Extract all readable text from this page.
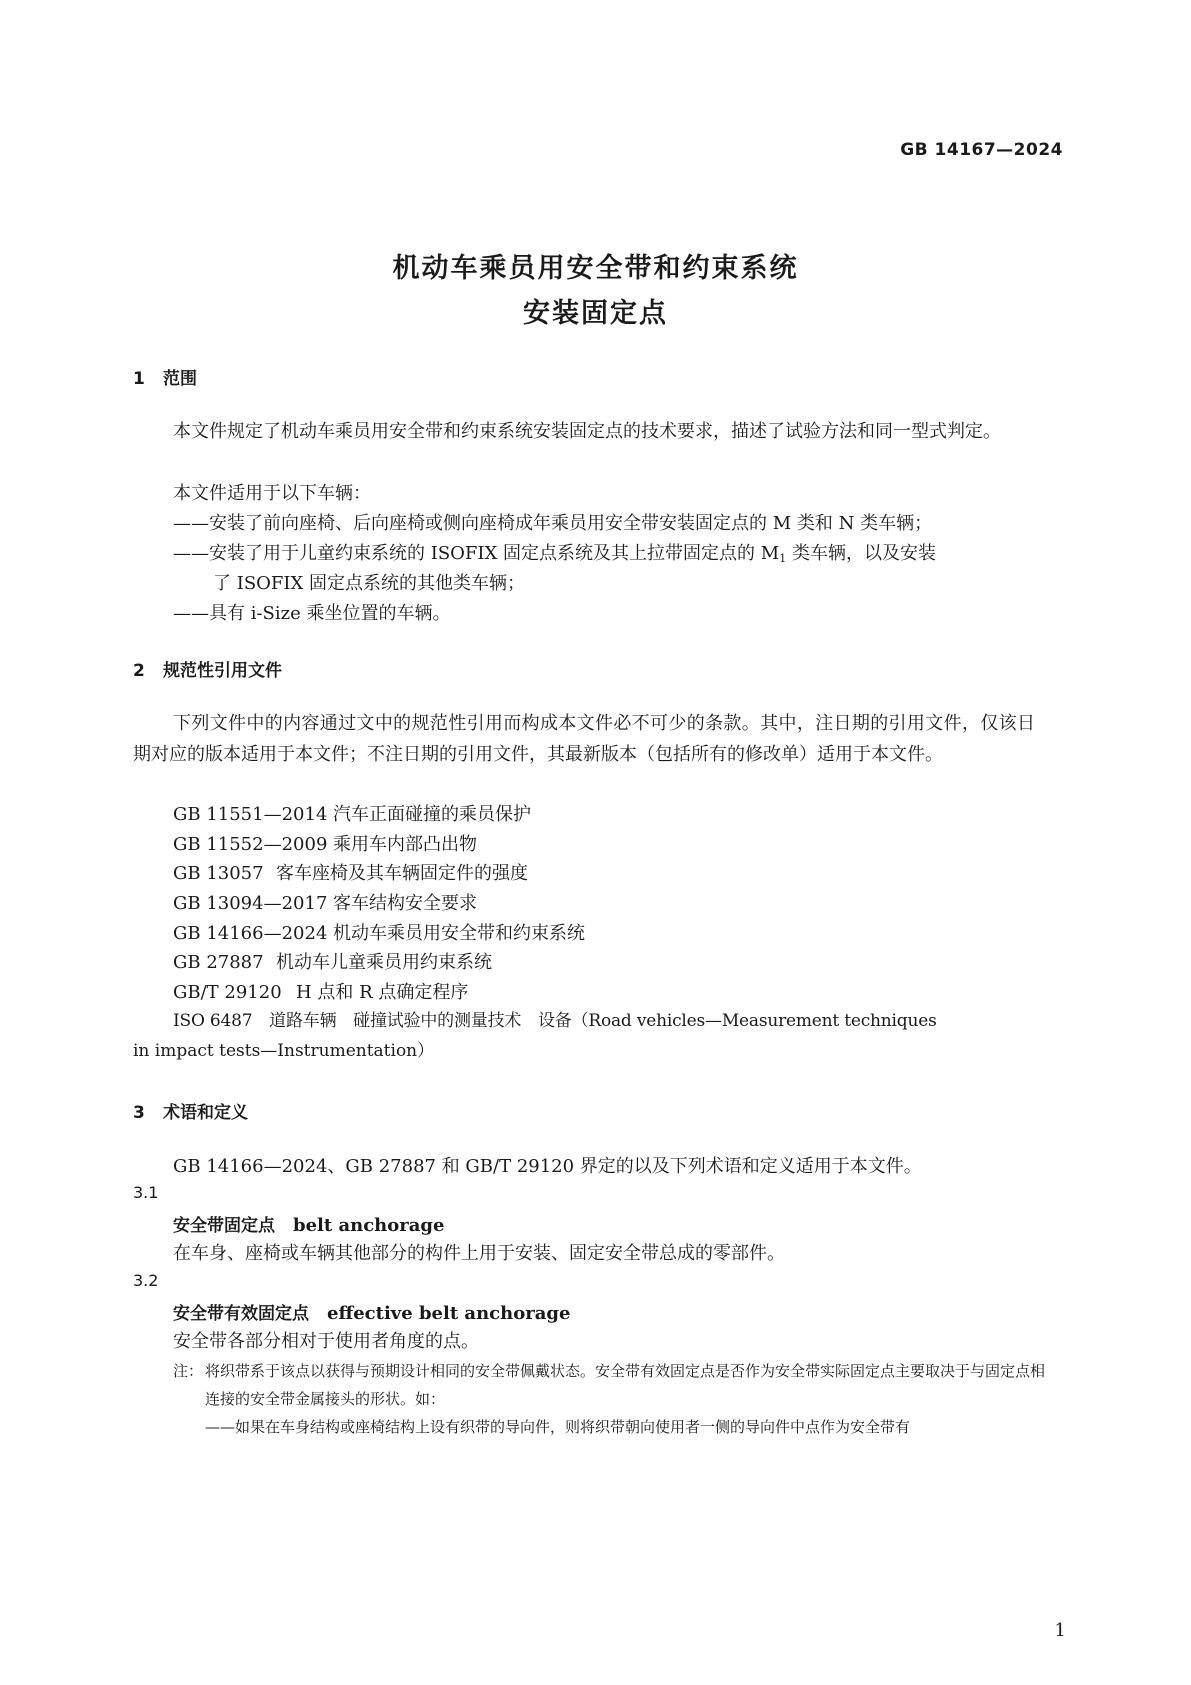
GB 14167—2024
机动车乘员用安全带和约束系统
安装固定点
1 范围
本文件规定了机动车乘员用安全带和约束系统安装固定点的技术要求，描述了试验方法和同一型式判定。
本文件适用于以下车辆：
——安装了前向座椅、后向座椅或侧向座椅成年乘员用安全带安装固定点的 M 类和 N 类车辆；
——安装了用于儿童约束系统的 ISOFIX 固定点系统及其上拉带固定点的 $M_1$ 类车辆，以及安装
了 ISOFIX 固定点系统的其他类车辆；
——具有 i-Size 乘坐位置的车辆。
2 规范性引用文件
下列文件中的内容通过文中的规范性引用而构成本文件必不可少的条款。其中，注日期的引用文件，仅该日期对应的版本适用于本文件；不注日期的引用文件，其最新版本（包括所有的修改单）适用于本文件。
GB 11551—2014 汽车正面碰撞的乘员保护
GB 11552—2009 乘用车内部凸出物
GB 13057 客车座椅及其车辆固定件的强度
GB 13094—2017 客车结构安全要求
GB 14166—2024 机动车乘员用安全带和约束系统
GB 27887 机动车儿童乘员用约束系统
GB/T 29120 H 点和 R 点确定程序
ISO 6487　道路车辆　碰撞试验中的测量技术　设备（Road vehicles—Measurement techniques
in impact tests—Instrumentation）
3 术语和定义
GB 14166—2024、GB 27887 和 GB/T 29120 界定的以及下列术语和定义适用于本文件。
3.1
安全带固定点 belt anchorage
在车身、座椅或车辆其他部分的构件上用于安装、固定安全带总成的零部件。
3.2
安全带有效固定点 effective belt anchorage
安全带各部分相对于使用者角度的点。
注： 将织带系于该点以获得与预期设计相同的安全带佩戴状态。安全带有效固定点是否作为安全带实际固定点主要取决于与固定点相连接的安全带金属接头的形状。如：
——如果在车身结构或座椅结构上设有织带的导向件，则将织带朝向使用者一侧的导向件中点作为安全带有
1
